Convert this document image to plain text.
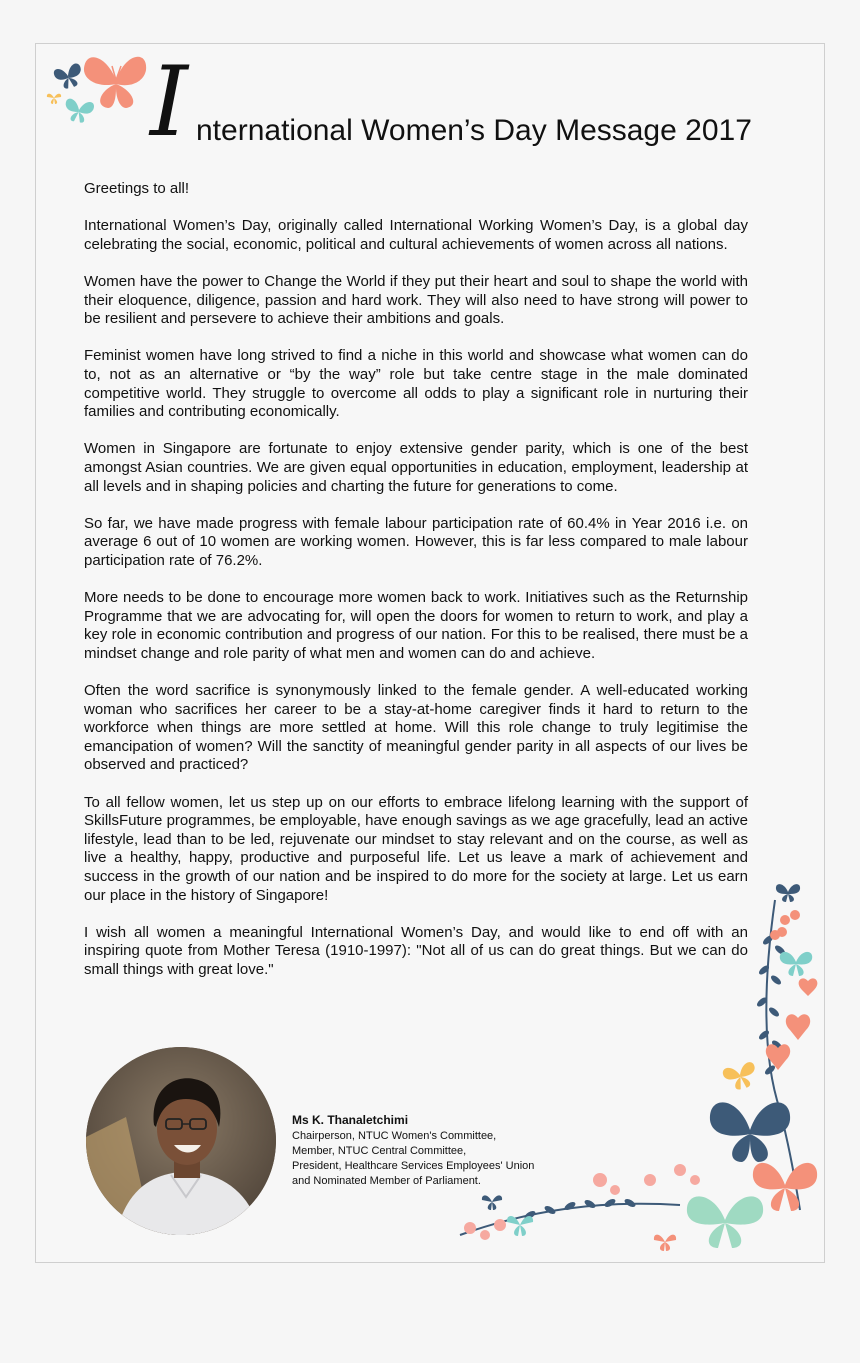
I nternational Women’s Day Message 2017

Greetings to all!

International Women’s Day, originally called International Working Women’s Day, is a global day celebrating the social, economic, political and cultural achievements of women across all nations.

Women have the power to Change the World if they put their heart and soul to shape the world with their eloquence, diligence, passion and hard work. They will also need to have strong will power to be resilient and persevere to achieve their ambitions and goals.

Feminist women have long strived to find a niche in this world and showcase what women can do to, not as an alternative or “by the way” role but take centre stage in the male dominated competitive world. They struggle to overcome all odds to play a significant role in nurturing their families and contributing economically.

Women in Singapore are fortunate to enjoy extensive gender parity, which is one of the best amongst Asian countries. We are given equal opportunities in education, employment, leadership at all levels and in shaping policies and charting the future for generations to come.

So far, we have made progress with female labour participation rate of 60.4% in Year 2016 i.e. on average 6 out of 10 women are working women. However, this is far less compared to male labour participation rate of 76.2%.

More needs to be done to encourage more women back to work. Initiatives such as the Returnship Programme that we are advocating for, will open the doors for women to return to work, and play a key role in economic contribution and progress of our nation. For this to be realised, there must be a mindset change and role parity of what men and women can do and achieve.

Often the word sacrifice is synonymously linked to the female gender. A well-educated working woman who sacrifices her career to be a stay-at-home caregiver finds it hard to return to the workforce when things are more settled at home. Will this role change to truly legitimise the emancipation of women? Will the sanctity of meaningful gender parity in all aspects of our lives be observed and practiced?

To all fellow women, let us step up on our efforts to embrace lifelong learning with the support of SkillsFuture programmes, be employable, have enough savings as we age gracefully, lead an active lifestyle, lead than to be led, rejuvenate our mindset to stay relevant and on the course, as well as live a healthy, happy, productive and purposeful life. Let us leave a mark of achievement and success in the growth of our nation and be inspired to do more for the society at large. Let us earn our place in the history of Singapore!

I wish all women a meaningful International Women’s Day, and would like to end off with an inspiring quote from Mother Teresa (1910-1997): "Not all of us can do great things. But we can do small things with great love."

Ms K. Thanaletchimi
Chairperson, NTUC Women's Committee,
Member, NTUC Central Committee,
President, Healthcare Services Employees' Union
and Nominated Member of Parliament.
